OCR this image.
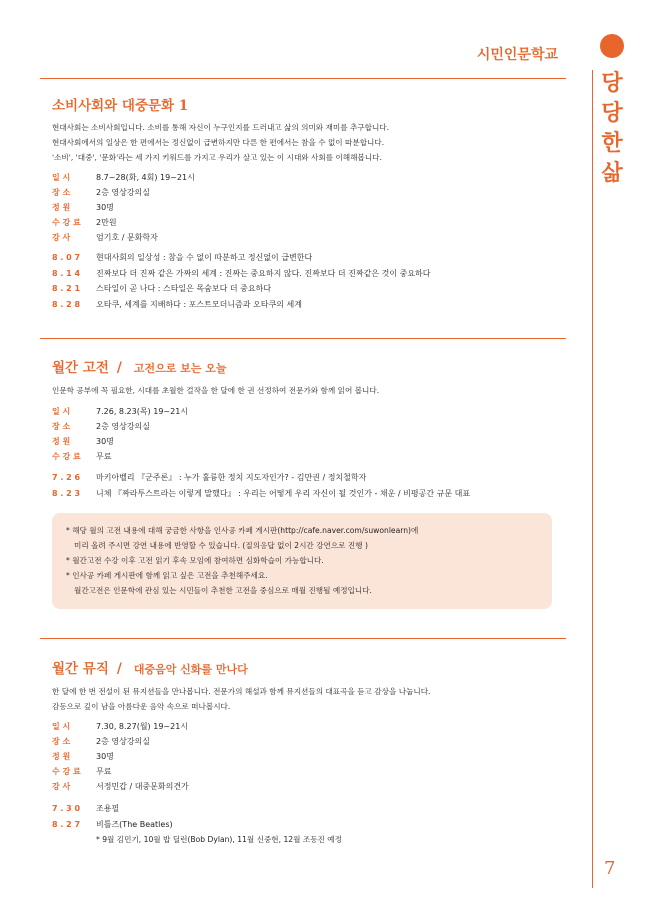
시민인문학교
당
당
한
삶
7
소비사회와 대중문화 1
현대사회는 소비사회입니다. 소비를 통해 자신이 누구인지를 드러내고 삶의 의미와 재미를 추구합니다.
현대사회에서의 일상은 한 편에서는 정신없이 급변하지만 다른 한 편에서는 참을 수 없이 따분합니다.
'소비', '대중', '문화'라는 세 가지 키워드를 가지고 우리가 살고 있는 이 시대와 사회를 이해해봅니다.
일 시	8.7~28(화, 4회) 19~21시
장 소	2층 영상강의실
정 원	30명
수 강 료	2만원
강 사	엄기호 / 문화학자
8 . 0 7	현대사회의 일상성 : 참을 수 없이 따분하고 정신없이 급변한다
8 . 1 4	진짜보다 더 진짜 같은 가짜의 세계 : 진짜는 중요하지 않다. 진짜보다 더 진짜같은 것이 중요하다
8 . 2 1	스타일이 곧 나다 : 스타일은 목숨보다 더 중요하다
8 . 2 8	오타쿠, 세계를 지배하다 : 포스트모더니즘과 오타쿠의 세계
월간 고전 / 고전으로 보는 오늘
인문학 공부에 꼭 필요한, 시대를 초월한 걸작을 한 달에 한 권 선정하여 전문가와 함께 읽어 봅니다.
일 시	7.26, 8.23(목) 19~21시
장 소	2층 영상강의실
정 원	30명
수 강 료	무료
7 . 2 6	마키아벨리 『군주론』 : 누가 훌륭한 정치 지도자인가? - 김만권 / 정치철학자
8 . 2 3	니체 『짜라투스트라는 이렇게 말했다』 : 우리는 어떻게 우리 자신이 될 것인가 - 채운 / 비평공간 규문 대표
* 해당 월의 고전 내용에 대해 궁금한 사항을 인사공 카페 게시판(http://cafe.naver.com/suwonlearn)에
미리 올려 주시면 강연 내용에 반영할 수 있습니다. (질의응답 없이 2시간 강연으로 진행 )
* 월간고전 수강 이후 고전 읽기 후속 모임에 참여하면 심화학습이 가능합니다.
* 인사공 카페 게시판에 함께 읽고 싶은 고전을 추천해주세요.
월간고전은 인문학에 관심 있는 시민들이 추천한 고전을 중심으로 매월 진행될 예정입니다.
월간 뮤직 / 대중음악 신화를 만나다
한 달에 한 번 전설이 된 뮤지션들을 만나봅니다. 전문가의 해설과 함께 뮤지션들의 대표곡을 듣고 감상을 나눕니다.
감동으로 깊이 남을 아름다운 음악 속으로 떠나봅시다.
일 시	7.30, 8.27(월) 19~21시
장 소	2층 영상강의실
정 원	30명
수 강 료	무료
강 사	서정민갑 / 대중문화의견가
7 . 3 0	조용필
8 . 2 7	비틀즈(The Beatles)
* 9월 김민기, 10월 밥 딜런(Bob Dylan), 11월 신중현, 12월 조동진 예정
